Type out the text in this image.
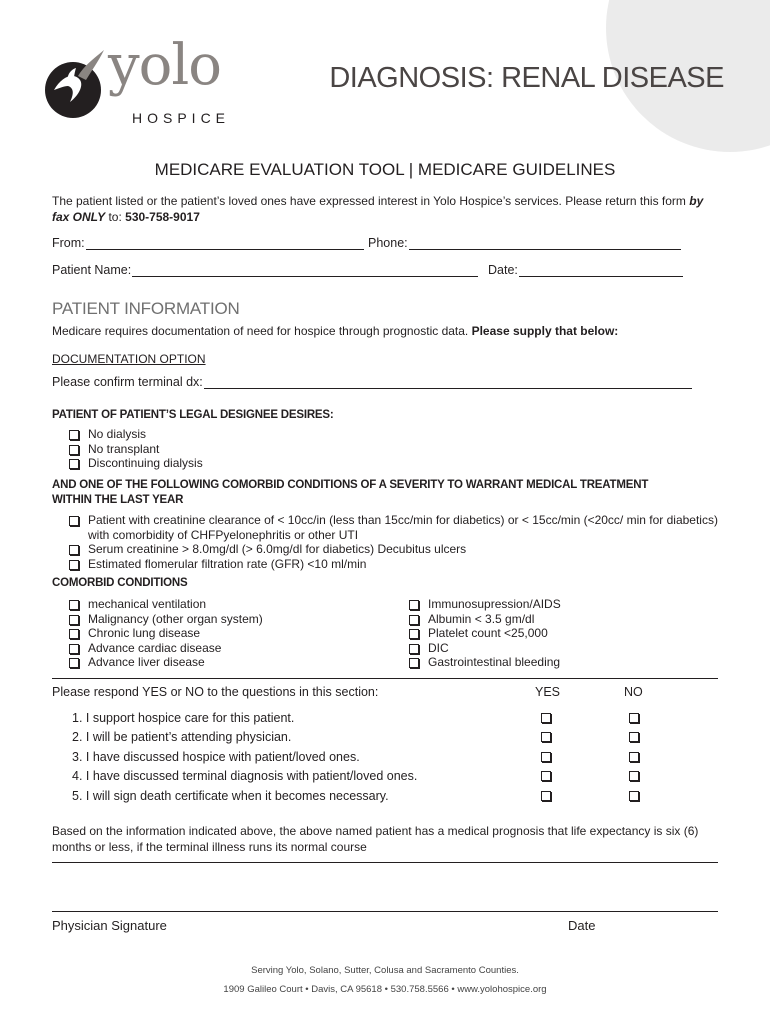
yolo
HOSPICE
DIAGNOSIS: RENAL DISEASE
MEDICARE EVALUATION TOOL | MEDICARE GUIDELINES
The patient listed or the patient’s loved ones have expressed interest in Yolo Hospice’s services. Please return this form by fax ONLY to: 530-758-9017
From:	Phone:
Patient Name:	Date:
PATIENT INFORMATION
Medicare requires documentation of need for hospice through prognostic data. Please supply that below:
DOCUMENTATION OPTION
Please confirm terminal dx:
PATIENT OF PATIENT’S LEGAL DESIGNEE DESIRES:
No dialysis
No transplant
Discontinuing dialysis
AND ONE OF THE FOLLOWING COMORBID CONDITIONS OF A SEVERITY TO WARRANT MEDICAL TREATMENT
WITHIN THE LAST YEAR
Patient with creatinine clearance of < 10cc/in (less than 15cc/min for diabetics) or < 15cc/min (<20cc/ min for diabetics) with comorbidity of CHFPyelonephritis or other UTI
Serum creatinine > 8.0mg/dl (> 6.0mg/dl for diabetics) Decubitus ulcers
Estimated flomerular filtration rate (GFR) <10 ml/min
COMORBID CONDITIONS
mechanical ventilation
Malignancy (other organ system)
Chronic lung disease
Advance cardiac disease
Advance liver disease
Immunosupression/AIDS
Albumin < 3.5 gm/dl
Platelet count <25,000
DIC
Gastrointestinal bleeding
Please respond YES or NO to the questions in this section:	YES	NO
1. I support hospice care for this patient.
2. I will be patient’s attending physician.
3. I have discussed hospice with patient/loved ones.
4. I have discussed terminal diagnosis with patient/loved ones.
5. I will sign death certificate when it becomes necessary.
Based on the information indicated above, the above named patient has a medical prognosis that life expectancy is six (6) months or less, if the terminal illness runs its normal course
Physician Signature	Date
Serving Yolo, Solano, Sutter, Colusa and Sacramento Counties.
1909 Galileo Court • Davis, CA 95618 • 530.758.5566 • www.yolohospice.org
